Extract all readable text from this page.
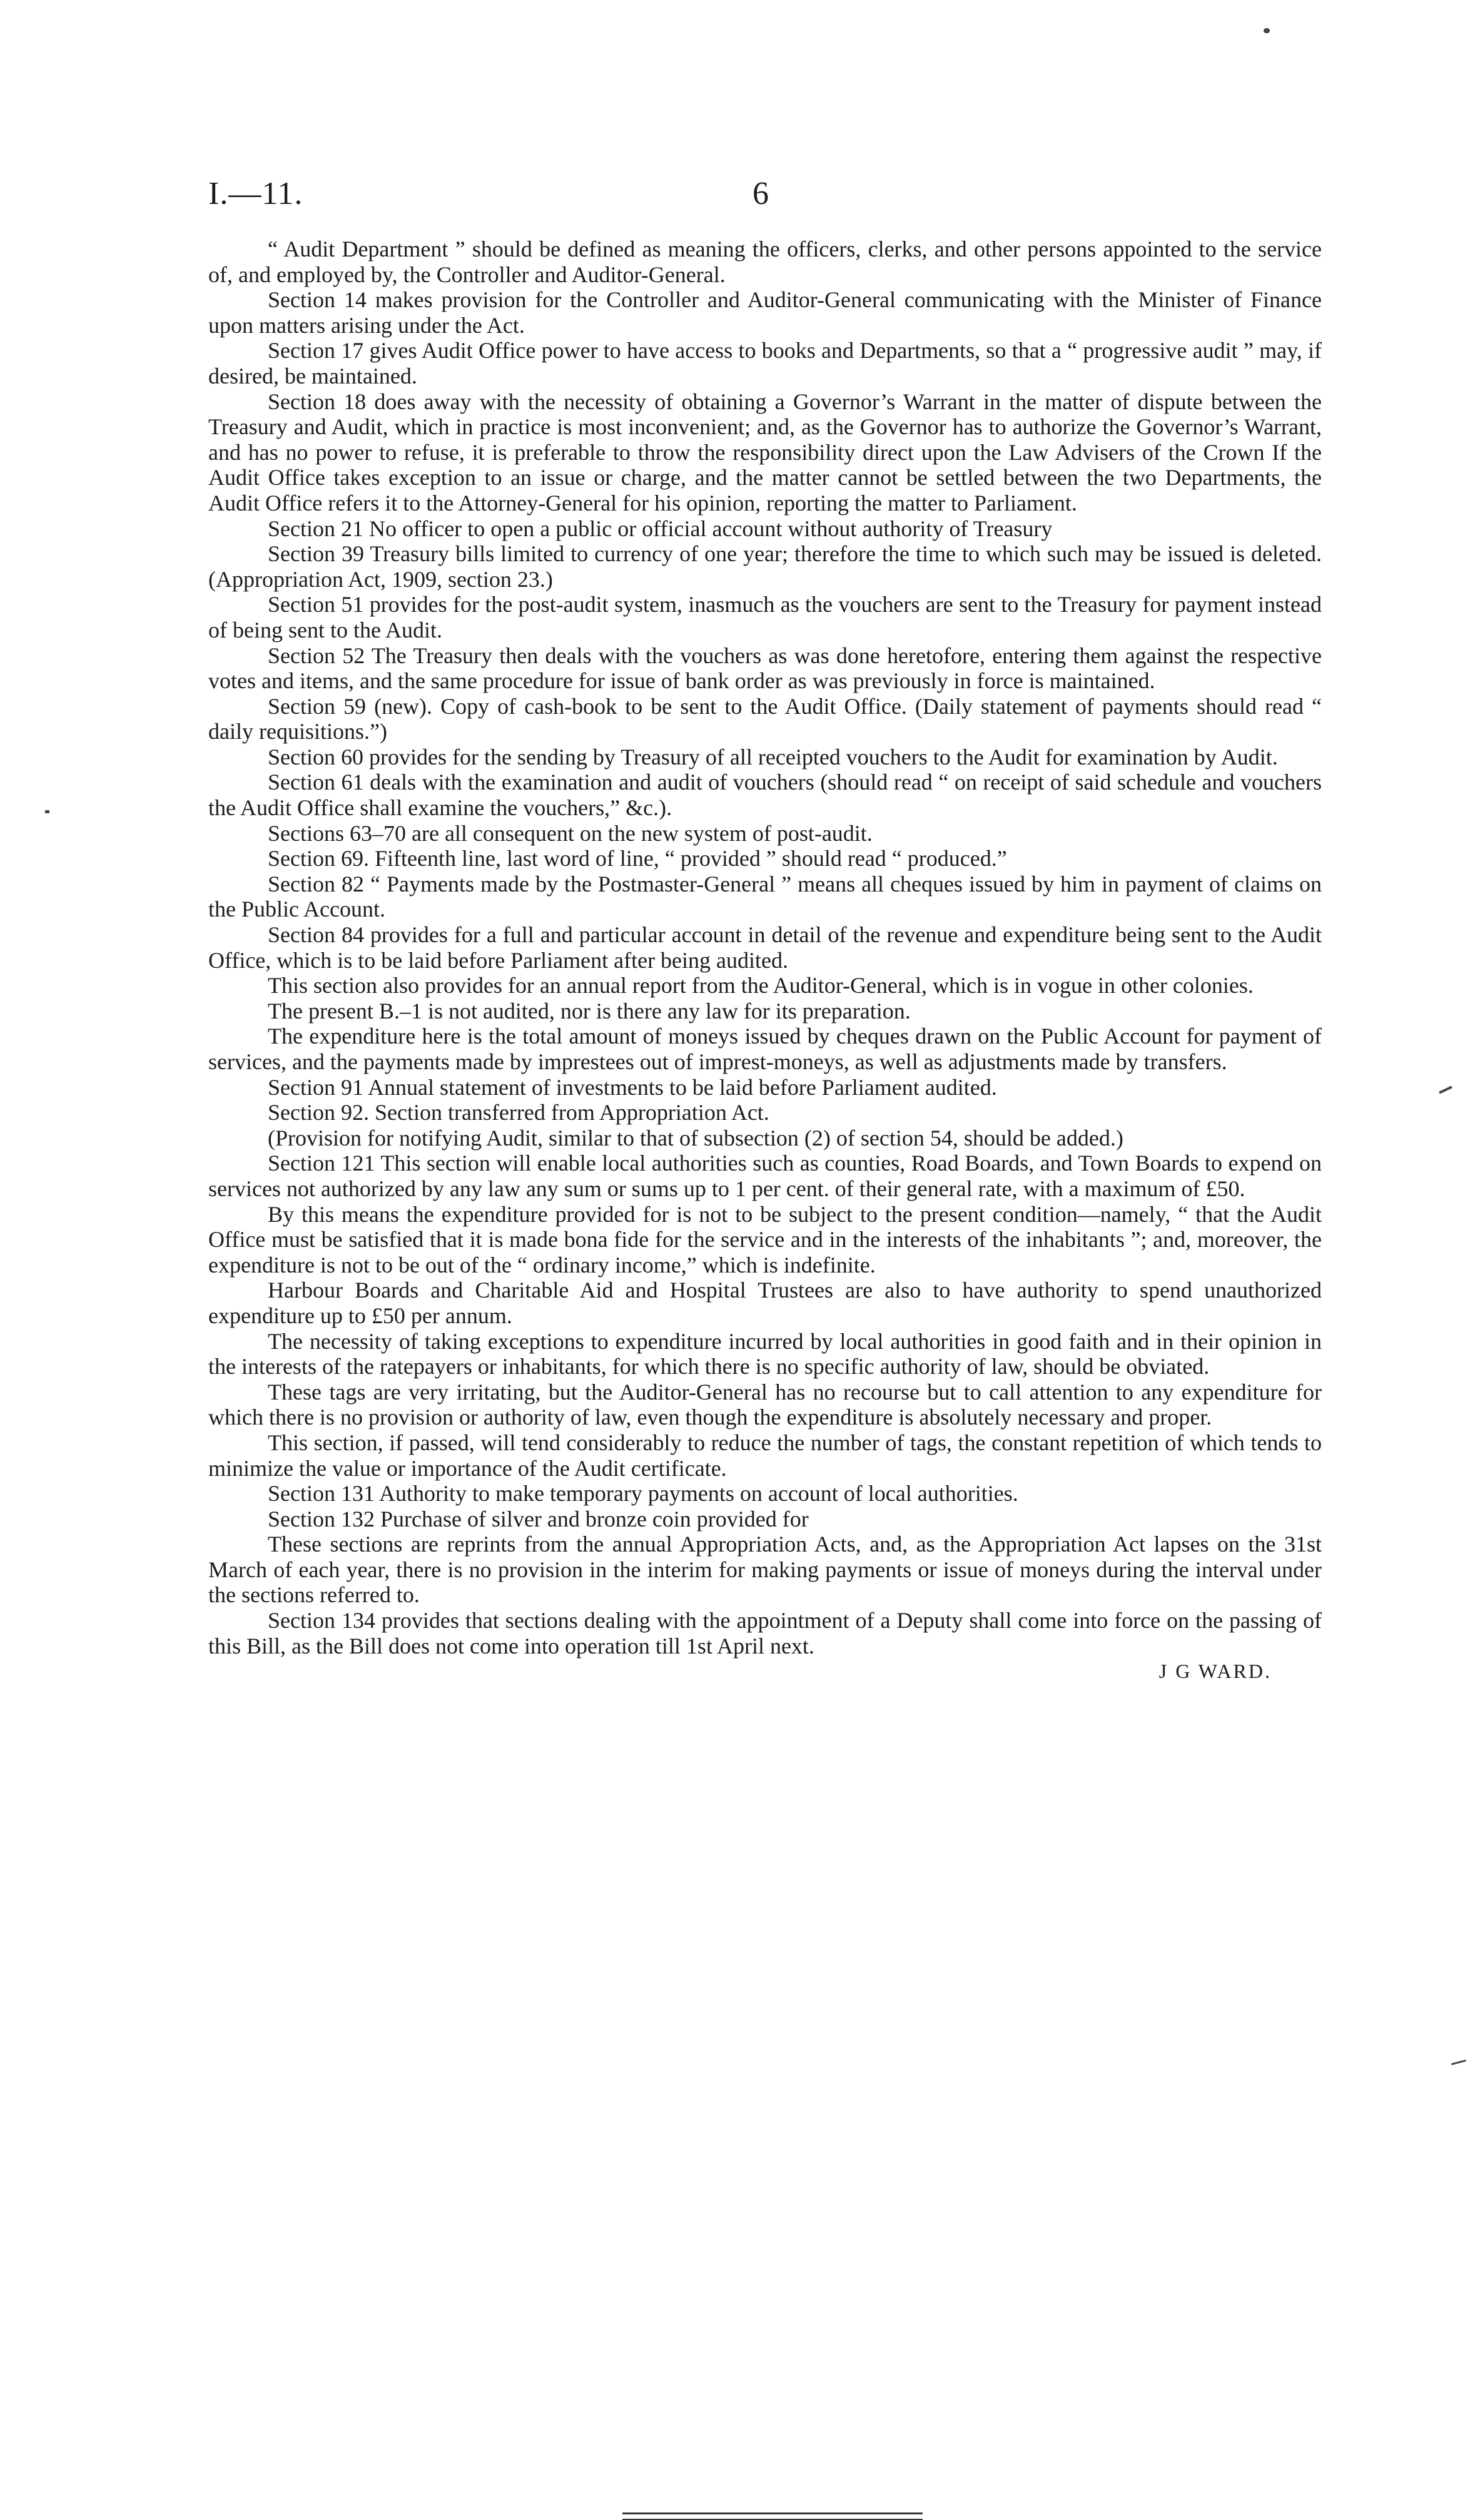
I.—11.	6

“ Audit Department ” should be defined as meaning the officers, clerks, and other persons appointed to the service of, and employed by, the Controller and Auditor-General.

Section 14 makes provision for the Controller and Auditor-General communicating with the Minister of Finance upon matters arising under the Act.

Section 17 gives Audit Office power to have access to books and Departments, so that a “ progressive audit ” may, if desired, be maintained.

Section 18 does away with the necessity of obtaining a Governor’s Warrant in the matter of dispute between the Treasury and Audit, which in practice is most inconvenient; and, as the Governor has to authorize the Governor’s Warrant, and has no power to refuse, it is preferable to throw the responsibility direct upon the Law Advisers of the Crown If the Audit Office takes exception to an issue or charge, and the matter cannot be settled between the two Departments, the Audit Office refers it to the Attorney-General for his opinion, reporting the matter to Parliament.

Section 21 No officer to open a public or official account without authority of Treasury

Section 39 Treasury bills limited to currency of one year; therefore the time to which such may be issued is deleted. (Appropriation Act, 1909, section 23.)

Section 51 provides for the post-audit system, inasmuch as the vouchers are sent to the Treasury for payment instead of being sent to the Audit.

Section 52 The Treasury then deals with the vouchers as was done heretofore, entering them against the respective votes and items, and the same procedure for issue of bank order as was previously in force is maintained.

Section 59 (new). Copy of cash-book to be sent to the Audit Office. (Daily statement of payments should read “ daily requisitions.”)

Section 60 provides for the sending by Treasury of all receipted vouchers to the Audit for examination by Audit.

Section 61 deals with the examination and audit of vouchers (should read “ on receipt of said schedule and vouchers the Audit Office shall examine the vouchers,” &c.).

Sections 63–70 are all consequent on the new system of post-audit.

Section 69. Fifteenth line, last word of line, “ provided ” should read “ produced.”

Section 82 “ Payments made by the Postmaster-General ” means all cheques issued by him in payment of claims on the Public Account.

Section 84 provides for a full and particular account in detail of the revenue and expenditure being sent to the Audit Office, which is to be laid before Parliament after being audited.

This section also provides for an annual report from the Auditor-General, which is in vogue in other colonies.

The present B.–1 is not audited, nor is there any law for its preparation.

The expenditure here is the total amount of moneys issued by cheques drawn on the Public Account for payment of services, and the payments made by imprestees out of imprest-moneys, as well as adjustments made by transfers.

Section 91 Annual statement of investments to be laid before Parliament audited.

Section 92. Section transferred from Appropriation Act.

(Provision for notifying Audit, similar to that of subsection (2) of section 54, should be added.)

Section 121 This section will enable local authorities such as counties, Road Boards, and Town Boards to expend on services not authorized by any law any sum or sums up to 1 per cent. of their general rate, with a maximum of £50.

By this means the expenditure provided for is not to be subject to the present condition—namely, “ that the Audit Office must be satisfied that it is made bona fide for the service and in the interests of the inhabitants ”; and, moreover, the expenditure is not to be out of the “ ordinary income,” which is indefinite.

Harbour Boards and Charitable Aid and Hospital Trustees are also to have authority to spend unauthorized expenditure up to £50 per annum.

The necessity of taking exceptions to expenditure incurred by local authorities in good faith and in their opinion in the interests of the ratepayers or inhabitants, for which there is no specific authority of law, should be obviated.

These tags are very irritating, but the Auditor-General has no recourse but to call attention to any expenditure for which there is no provision or authority of law, even though the expenditure is absolutely necessary and proper.

This section, if passed, will tend considerably to reduce the number of tags, the constant repetition of which tends to minimize the value or importance of the Audit certificate.

Section 131 Authority to make temporary payments on account of local authorities.

Section 132 Purchase of silver and bronze coin provided for

These sections are reprints from the annual Appropriation Acts, and, as the Appropriation Act lapses on the 31st March of each year, there is no provision in the interim for making payments or issue of moneys during the interval under the sections referred to.

Section 134 provides that sections dealing with the appointment of a Deputy shall come into force on the passing of this Bill, as the Bill does not come into operation till 1st April next.

J G WARD.
